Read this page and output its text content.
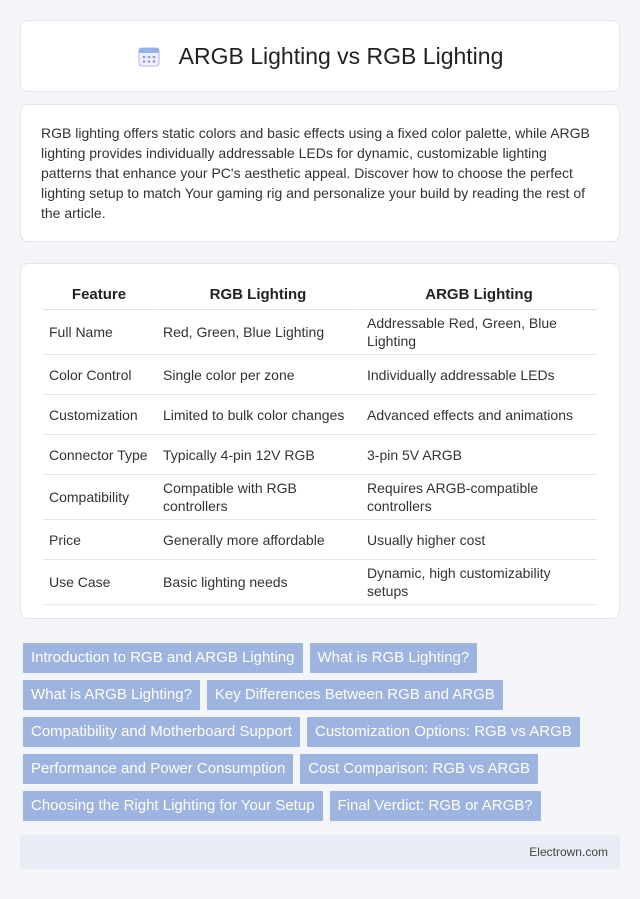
ARGB Lighting vs RGB Lighting

RGB lighting offers static colors and basic effects using a fixed color palette, while ARGB lighting provides individually addressable LEDs for dynamic, customizable lighting patterns that enhance your PC's aesthetic appeal. Discover how to choose the perfect lighting setup to match Your gaming rig and personalize your build by reading the rest of the article.

Feature	RGB Lighting	ARGB Lighting
Full Name	Red, Green, Blue Lighting	Addressable Red, Green, Blue Lighting
Color Control	Single color per zone	Individually addressable LEDs
Customization	Limited to bulk color changes	Advanced effects and animations
Connector Type	Typically 4-pin 12V RGB	3-pin 5V ARGB
Compatibility	Compatible with RGB controllers	Requires ARGB-compatible controllers
Price	Generally more affordable	Usually higher cost
Use Case	Basic lighting needs	Dynamic, high customizability setups
Introduction to RGB and ARGB Lighting	What is RGB Lighting?
What is ARGB Lighting?	Key Differences Between RGB and ARGB
Compatibility and Motherboard Support	Customization Options: RGB vs ARGB
Performance and Power Consumption	Cost Comparison: RGB vs ARGB
Choosing the Right Lighting for Your Setup	Final Verdict: RGB or ARGB?
Electrown.com
